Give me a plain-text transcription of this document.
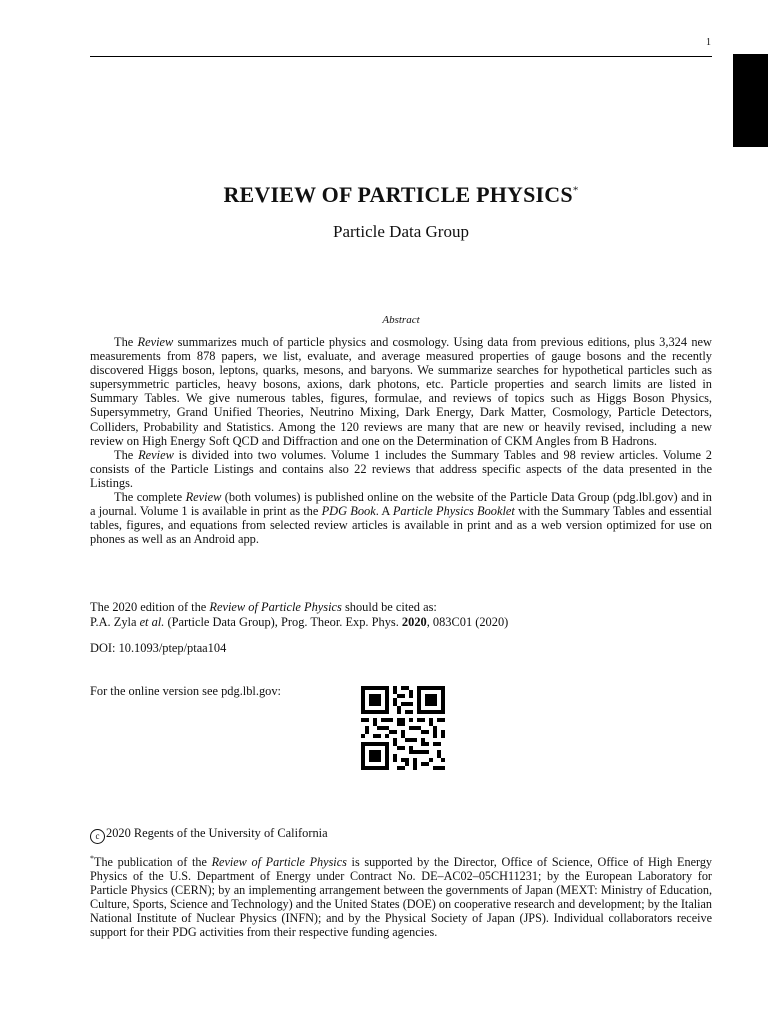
1
REVIEW OF PARTICLE PHYSICS*
Particle Data Group
Abstract

The Review summarizes much of particle physics and cosmology. Using data from previous editions, plus 3,324 new measurements from 878 papers, we list, evaluate, and average measured properties of gauge bosons and the recently discovered Higgs boson, leptons, quarks, mesons, and baryons. We summarize searches for hypothetical particles such as supersymmetric particles, heavy bosons, axions, dark photons, etc. Particle properties and search limits are listed in Summary Tables. We give numerous tables, figures, formulae, and reviews of topics such as Higgs Boson Physics, Supersymmetry, Grand Unified Theories, Neutrino Mixing, Dark Energy, Dark Matter, Cosmology, Particle Detectors, Colliders, Probability and Statistics. Among the 120 reviews are many that are new or heavily revised, including a new review on High Energy Soft QCD and Diffraction and one on the Determination of CKM Angles from B Hadrons.

The Review is divided into two volumes. Volume 1 includes the Summary Tables and 98 review articles. Volume 2 consists of the Particle Listings and contains also 22 reviews that address specific aspects of the data presented in the Listings.

The complete Review (both volumes) is published online on the website of the Particle Data Group (pdg.lbl.gov) and in a journal. Volume 1 is available in print as the PDG Book. A Particle Physics Booklet with the Summary Tables and essential tables, figures, and equations from selected review articles is available in print and as a web version optimized for use on phones as well as an Android app.

The 2020 edition of the Review of Particle Physics should be cited as:
P.A. Zyla et al. (Particle Data Group), Prog. Theor. Exp. Phys. 2020, 083C01 (2020)
DOI: 10.1093/ptep/ptaa104
For the online version see pdg.lbl.gov:
c 2020 Regents of the University of California
*The publication of the Review of Particle Physics is supported by the Director, Office of Science, Office of High Energy Physics of the U.S. Department of Energy under Contract No. DE–AC02–05CH11231; by the European Laboratory for Particle Physics (CERN); by an implementing arrangement between the governments of Japan (MEXT: Ministry of Education, Culture, Sports, Science and Technology) and the United States (DOE) on cooperative research and development; by the Italian National Institute of Nuclear Physics (INFN); and by the Physical Society of Japan (JPS). Individual collaborators receive support for their PDG activities from their respective funding agencies.
